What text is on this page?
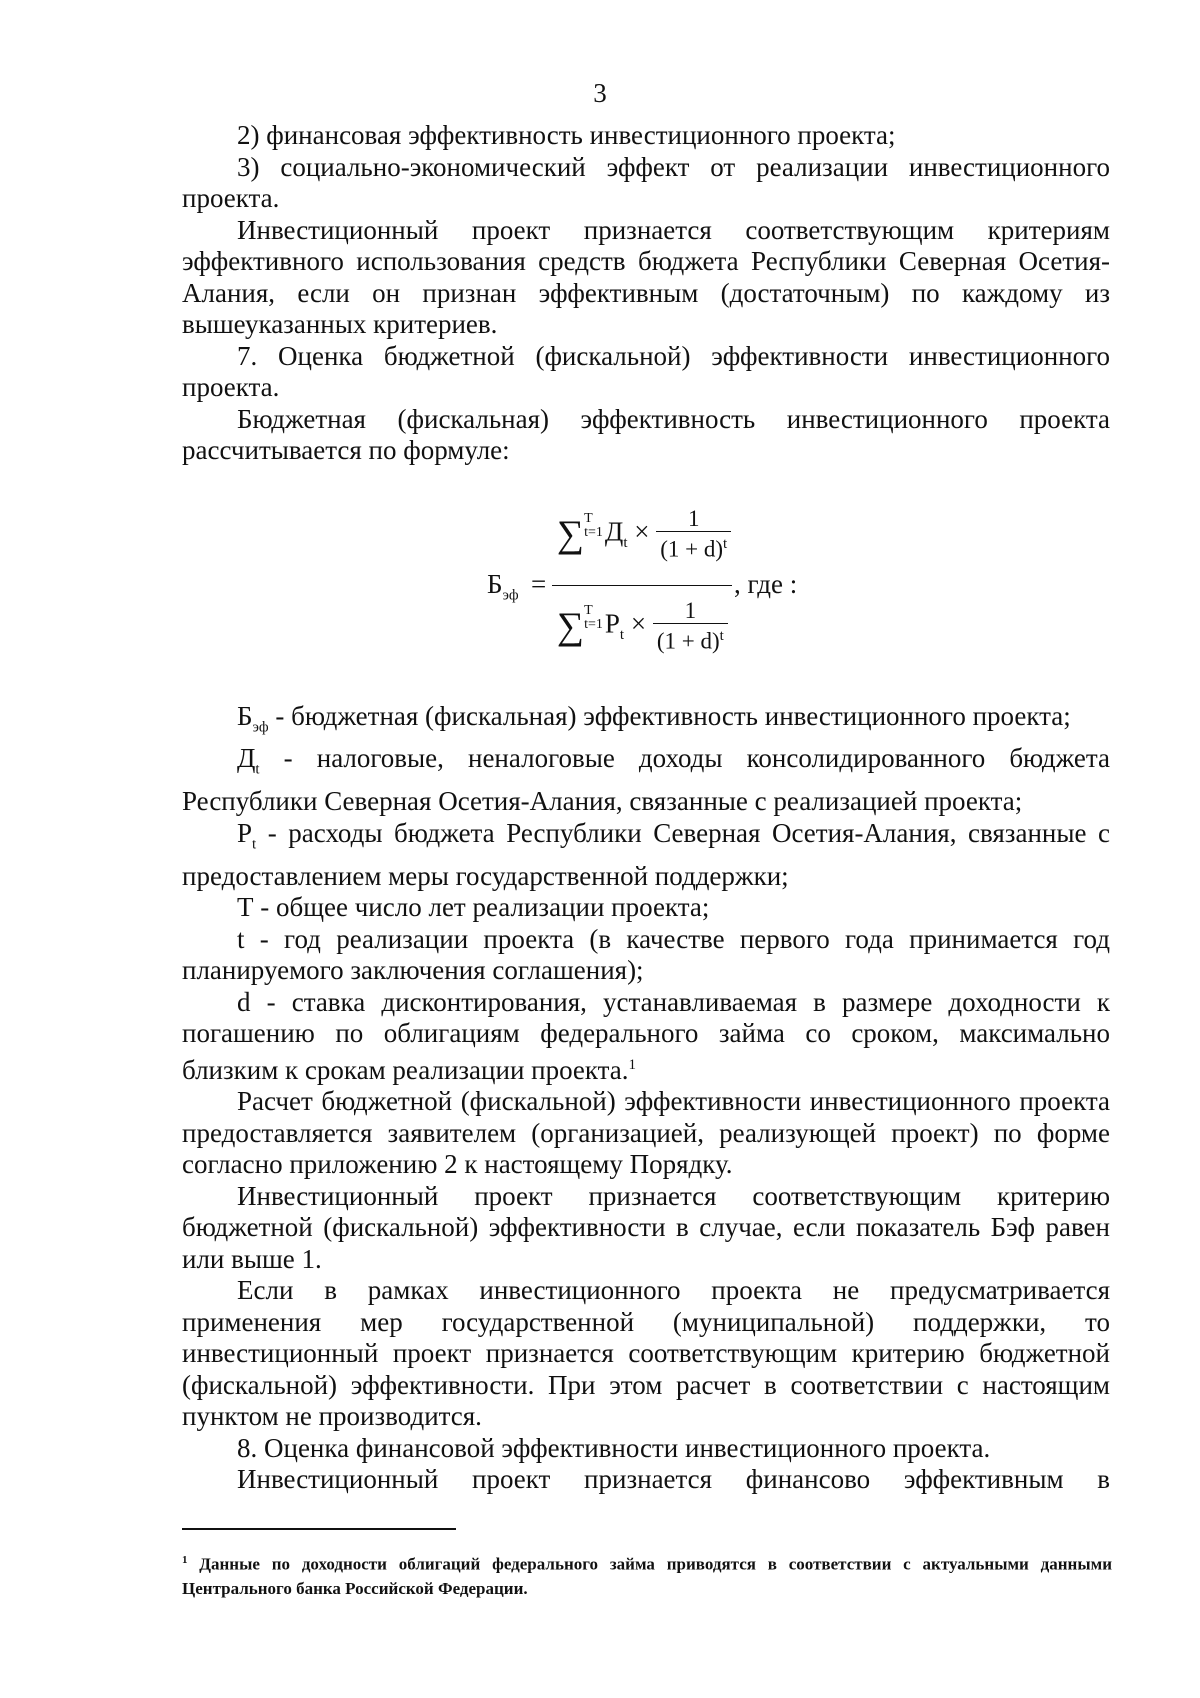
3

2) финансовая эффективность инвестиционного проекта;

3) социально-экономический эффект от реализации инвестиционного проекта.

Инвестиционный проект признается соответствующим критериям эффективного использования средств бюджета Республики Северная Осетия-Алания, если он признан эффективным (достаточным) по каждому из вышеуказанных критериев.

7. Оценка бюджетной (фискальной) эффективности инвестиционного проекта.

Бюджетная (фискальная) эффективность инвестиционного проекта рассчитывается по формуле:

$Б_{эф}$ =
∑ T
t=1 $Д_t \times \frac{1}{(1 + d)^t}$
∑ T
t=1 $P_t \times \frac{1}{(1 + d)^t}$
, где :

$Б_{эф}$ - бюджетная (фискальная) эффективность инвестиционного проекта;

$Д_t$ - налоговые, неналоговые доходы консолидированного бюджета Республики Северная Осетия-Алания, связанные с реализацией проекта;

$P_t$ - расходы бюджета Республики Северная Осетия-Алания, связанные с предоставлением меры государственной поддержки;

Т - общее число лет реализации проекта;

t - год реализации проекта (в качестве первого года принимается год планируемого заключения соглашения);

d - ставка дисконтирования, устанавливаемая в размере доходности к погашению по облигациям федерального займа со сроком, максимально близким к срокам реализации проекта.$^1$

Расчет бюджетной (фискальной) эффективности инвестиционного проекта предоставляется заявителем (организацией, реализующей проект) по форме согласно приложению 2 к настоящему Порядку.

Инвестиционный проект признается соответствующим критерию бюджетной (фискальной) эффективности в случае, если показатель Бэф равен или выше 1.

Если в рамках инвестиционного проекта не предусматривается применения мер государственной (муниципальной) поддержки, то инвестиционный проект признается соответствующим критерию бюджетной (фискальной) эффективности. При этом расчет в соответствии с настоящим пунктом не производится.

8. Оценка финансовой эффективности инвестиционного проекта.

Инвестиционный проект признается финансово эффективным в

$^1$ Данные по доходности облигаций федерального займа приводятся в соответствии с актуальными данными Центрального банка Российской Федерации.
